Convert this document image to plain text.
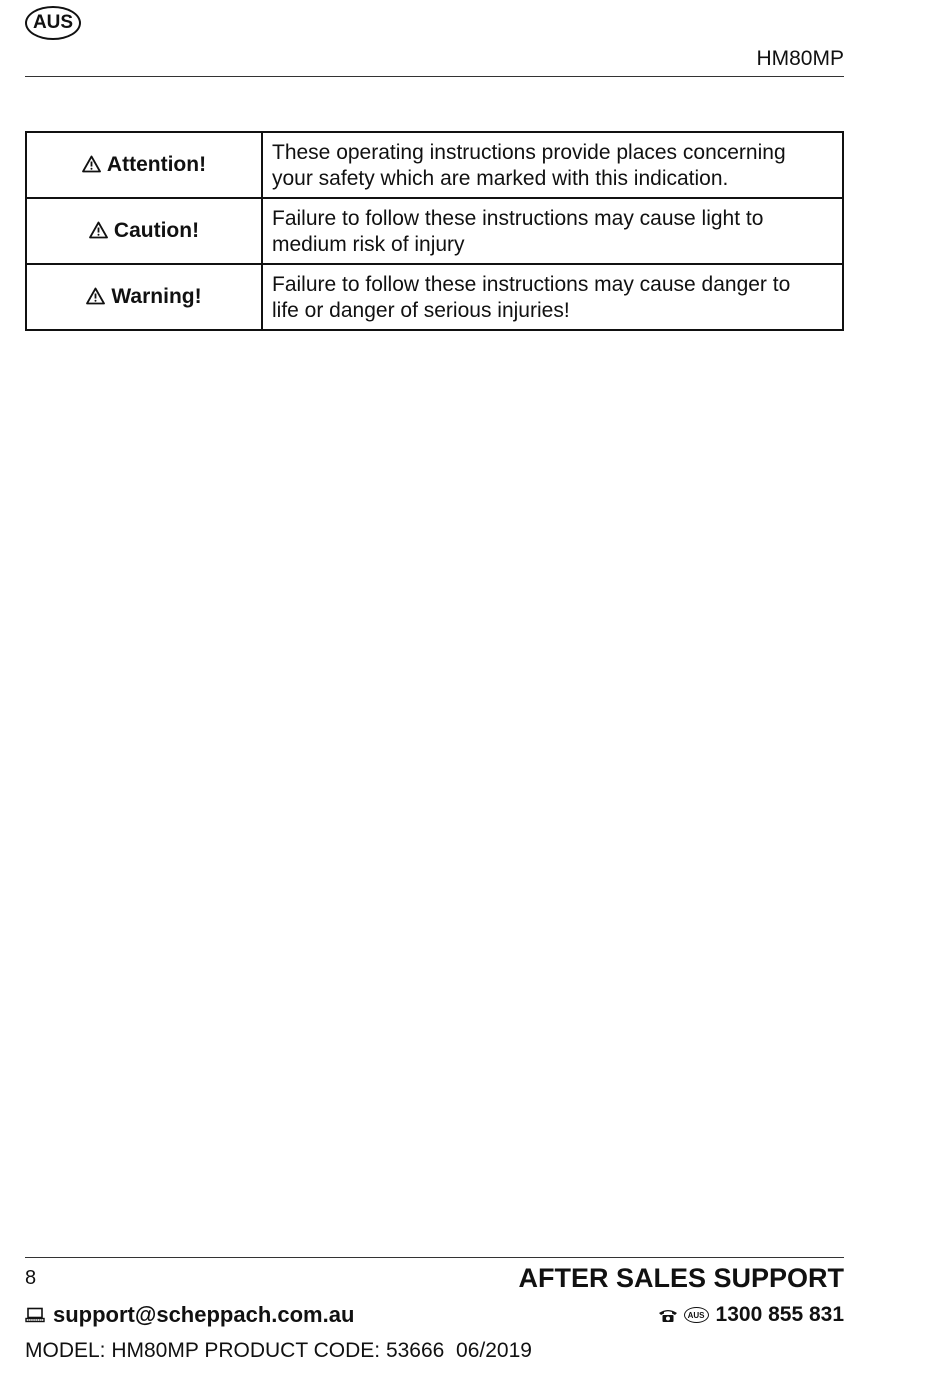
AUS
HM80MP
Attention!	These operating instructions provide places concerning
your safety which are marked with this indication.

Caution!	Failure to follow these instructions may cause light to
medium risk of injury

Warning!	Failure to follow these instructions may cause danger to
life or danger of serious injuries!
8	AFTER SALES SUPPORT
support@scheppach.com.au	AUS 1300 855 831
MODEL: HM80MP PRODUCT CODE: 53666  06/2019
